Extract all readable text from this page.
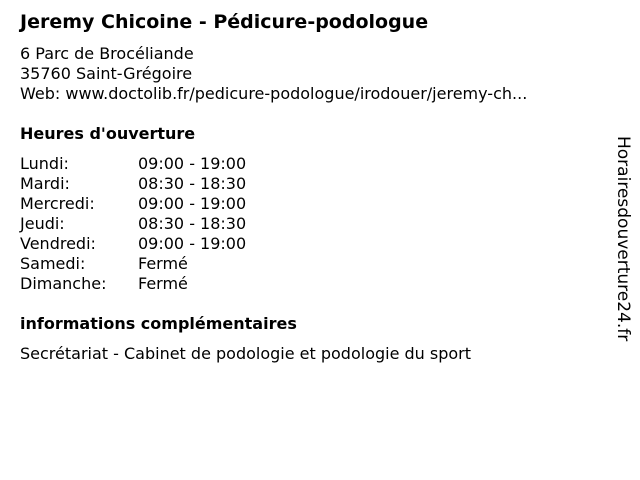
Jeremy Chicoine - Pédicure-podologue
6 Parc de Brocéliande
35760 Saint-Grégoire
Web: www.doctolib.fr/pedicure-podologue/irodouer/jeremy-ch...
Heures d'ouverture
Lundi:	09:00 - 19:00
Mardi:	08:30 - 18:30
Mercredi:	09:00 - 19:00
Jeudi:	08:30 - 18:30
Vendredi:	09:00 - 19:00
Samedi:	Fermé
Dimanche: Fermé
informations complémentaires
Secrétariat - Cabinet de podologie et podologie du sport
Horairesdouverture24.fr
